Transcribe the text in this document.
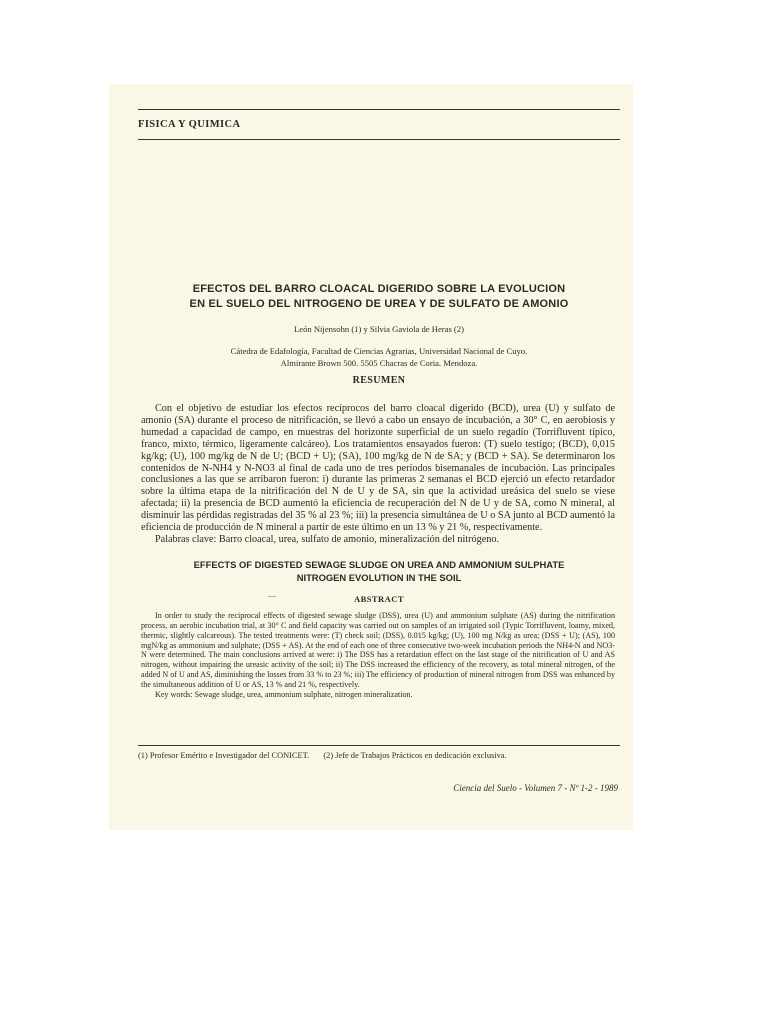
FISICA Y QUIMICA
EFECTOS DEL BARRO CLOACAL DIGERIDO SOBRE LA EVOLUCION
EN EL SUELO DEL NITROGENO DE UREA Y DE SULFATO DE AMONIO
León Nijensohn (1) y Silvia Gaviola de Heras (2)
Cátedra de Edafología, Facultad de Ciencias Agrarias, Universidad Nacional de Cuyo.
Almirante Brown 500. 5505 Chacras de Coria. Mendoza.
RESUMEN

Con el objetivo de estudiar los efectos recíprocos del barro cloacal digerido (BCD), urea (U) y sulfato de amonio (SA) durante el proceso de nitrificación, se llevó a cabo un ensayo de incubación, a 30° C, en aerobiosis y humedad a capacidad de campo, en muestras del horizonte superficial de un suelo regadío (Torrifluvent típico, franco, mixto, térmico, ligeramente calcáreo). Los tratamientos ensayados fueron: (T) suelo testigo; (BCD), 0,015 kg/kg; (U), 100 mg/kg de N de U; (BCD + U); (SA), 100 mg/kg de N de SA; y (BCD + SA). Se determinaron los contenidos de N-NH4 y N-NO3 al final de cada uno de tres períodos bisemanales de incubación. Las principales conclusiones a las que se arribaron fueron: i) durante las primeras 2 semanas el BCD ejerció un efecto retardador sobre la última etapa de la nitrificación del N de U y de SA, sin que la actividad ureásica del suelo se viese afectada; ii) la presencia de BCD aumentó la eficiencia de recuperación del N de U y de SA, como N mineral, al disminuir las pérdidas registradas del 35 % al 23 %; iii) la presencia simultánea de U o SA junto al BCD aumentó la eficiencia de producción de N mineral a partir de este último en un 13 % y 21 %, respectivamente.

Palabras clave: Barro cloacal, urea, sulfato de amonio, mineralización del nitrógeno.

EFFECTS OF DIGESTED SEWAGE SLUDGE ON UREA AND AMMONIUM SULPHATE
NITROGEN EVOLUTION IN THE SOIL
ABSTRACT

In order to study the reciprocal effects of digested sewage sludge (DSS), urea (U) and ammonium sulphate (AS) during the nitrification process, an aerobic incubation trial, at 30° C and field capacity was carried out on samples of an irrigated soil (Typic Torrifluvent, loamy, mixed, thermic, slightly calcareous). The tested treatments were: (T) check soil; (DSS), 0.015 kg/kg; (U), 100 mg N/kg as urea; (DSS + U); (AS), 100 mgN/kg as ammonium and sulphate; (DSS + AS). At the end of each one of three consecutive two-week incubation periods the NH4-N and NO3-N were determined. The main conclusions arrived at were: i) The DSS has a retardation effect on the last stage of the nitrification of U and AS nitrogen, without impairing the ureasic activity of the soil; ii) The DSS increased the efficiency of the recovery, as total mineral nitrogen, of the added N of U and AS, diminishing the losses from 33 % to 23 %; iii) The efficiency of production of mineral nitrogen from DSS was enhanced by the simultaneous addition of U or AS, 13 % and 21 %, respectively.

Key words: Sewage sludge, urea, ammonium sulphate, nitrogen mineralization.

(1) Profesor Emérito e Investigador del CONICET. (2) Jefe de Trabajos Prácticos en dedicación exclusiva.
Ciencia del Suelo - Volumen 7 - Nº 1-2 - 1989
